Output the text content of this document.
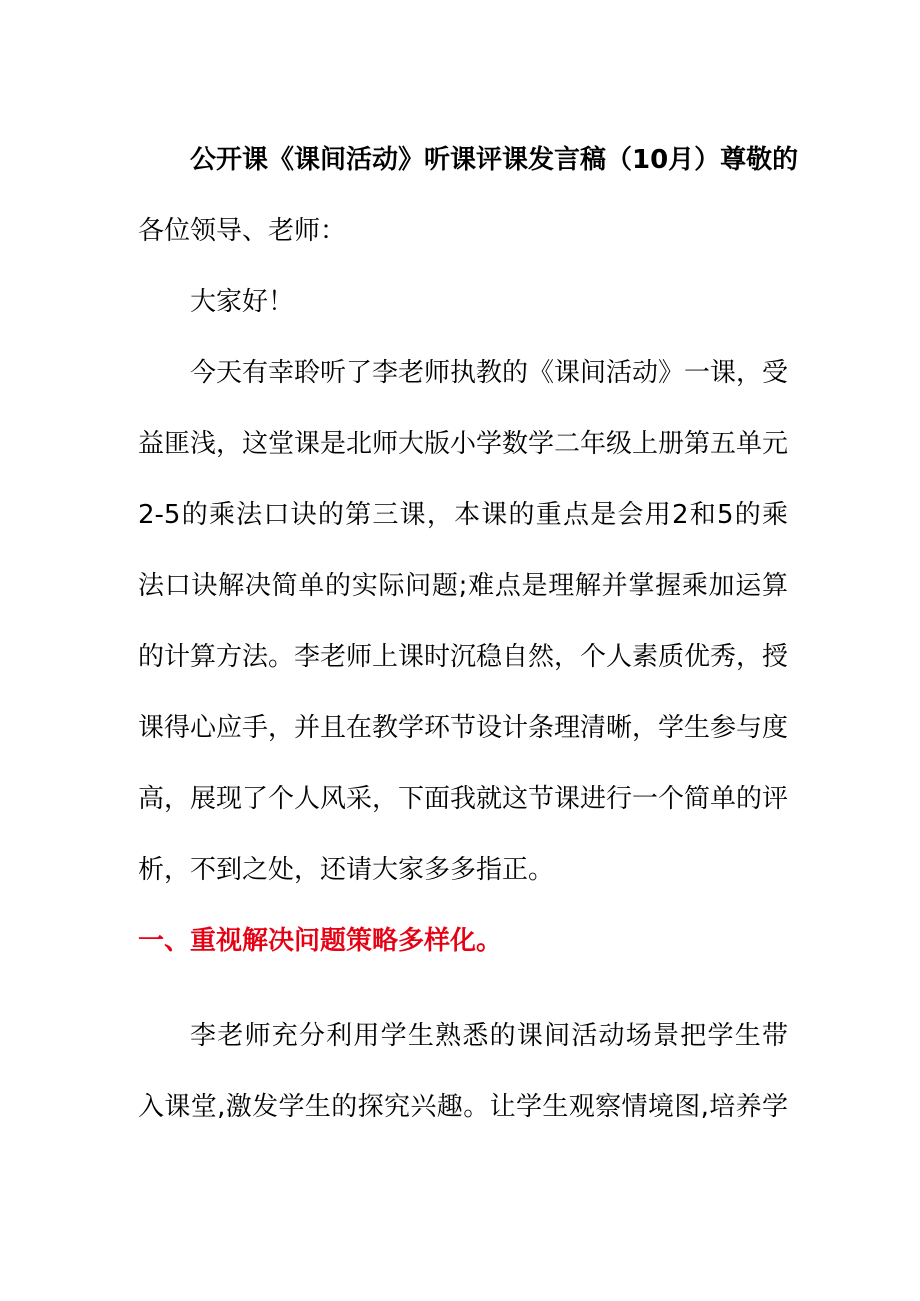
公开课《课间活动》听课评课发言稿（10月）尊敬的
各位领导、老师：
大家好！
今天有幸聆听了李老师执教的《课间活动》一课，受
益匪浅，这堂课是北师大版小学数学二年级上册第五单元
2-5的乘法口诀的第三课，本课的重点是会用2和5的乘
法口诀解决简单的实际问题;难点是理解并掌握乘加运算
的计算方法。李老师上课时沉稳自然，个人素质优秀，授
课得心应手，并且在教学环节设计条理清晰，学生参与度
高，展现了个人风采，下面我就这节课进行一个简单的评
析，不到之处，还请大家多多指正。
一、重视解决问题策略多样化。
李老师充分利用学生熟悉的课间活动场景把学生带
入课堂,激发学生的探究兴趣。让学生观察情境图,培养学
